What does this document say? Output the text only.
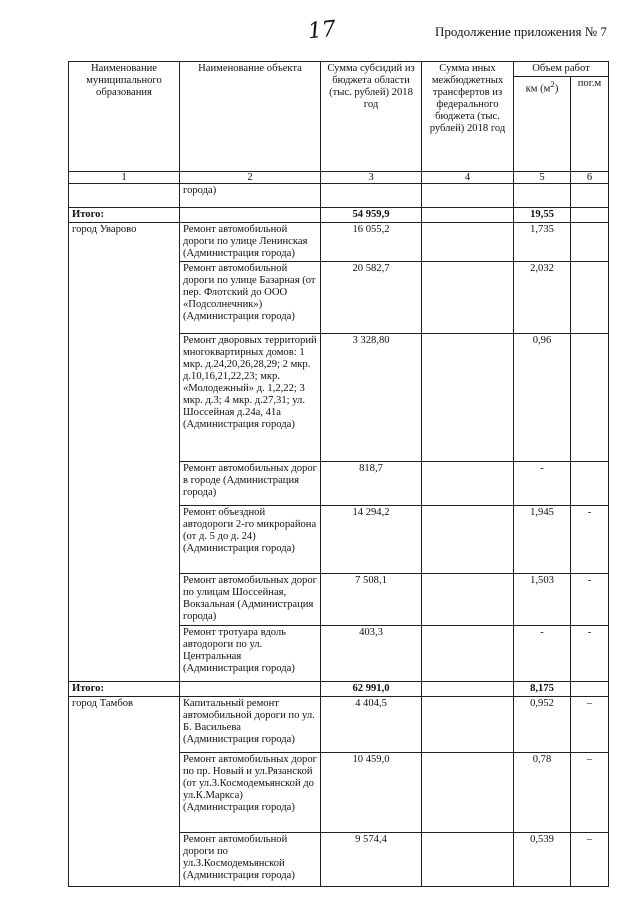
17	Продолжение приложения № 7
Наименование муниципального образования	Наименование объекта	Сумма субсидий из бюджета области (тыс. рублей) 2018 год	Сумма иных межбюджетных трансфертов из федерального бюджета (тыс. рублей) 2018 год	Объем работ	
				км $(м^2)$	пог.м
1	2	3	4	5	6
	города)				
Итого:		54 959,9		19,55	
город Уварово	Ремонт автомобильной дороги по улице Ленинская (Администрация города)	16 055,2		1,735	
	Ремонт автомобильной дороги по улице Базарная (от пер. Флотский до ООО «Подсолнечник») (Администрация города)	20 582,7		2,032	
	Ремонт дворовых территорий многоквартирных домов: 1 мкр. д.24,20,26,28,29; 2 мкр. д.10,16,21,22,23; мкр. «Молодежный» д. 1,2,22; 3 мкр. д.3; 4 мкр. д.27,31; ул. Шоссейная д.24а, 41а (Администрация города)	3 328,80		0,96	
	Ремонт автомобильных дорог в городе (Администрация города)	818,7		-	
	Ремонт объездной автодороги 2-го микрорайона (от д. 5 до д. 24) (Администрация города)	14 294,2		1,945	-
	Ремонт автомобильных дорог по улицам Шоссейная, Вокзальная (Администрация города)	7 508,1		1,503	-
	Ремонт тротуара вдоль автодороги по ул. Центральная (Администрация города)	403,3		-	-
Итого:		62 991,0		8,175	
город Тамбов	Капитальный ремонт автомобильной дороги по ул. Б. Васильева (Администрация города)	4 404,5		0,952	–
	Ремонт автомобильных дорог по пр. Новый и ул.Рязанской (от ул.З.Космодемьянской до ул.К.Маркса) (Администрация города)	10 459,0		0,78	–
	Ремонт автомобильной дороги по ул.З.Космодемьянской (Администрация города)	9 574,4		0,539	–
